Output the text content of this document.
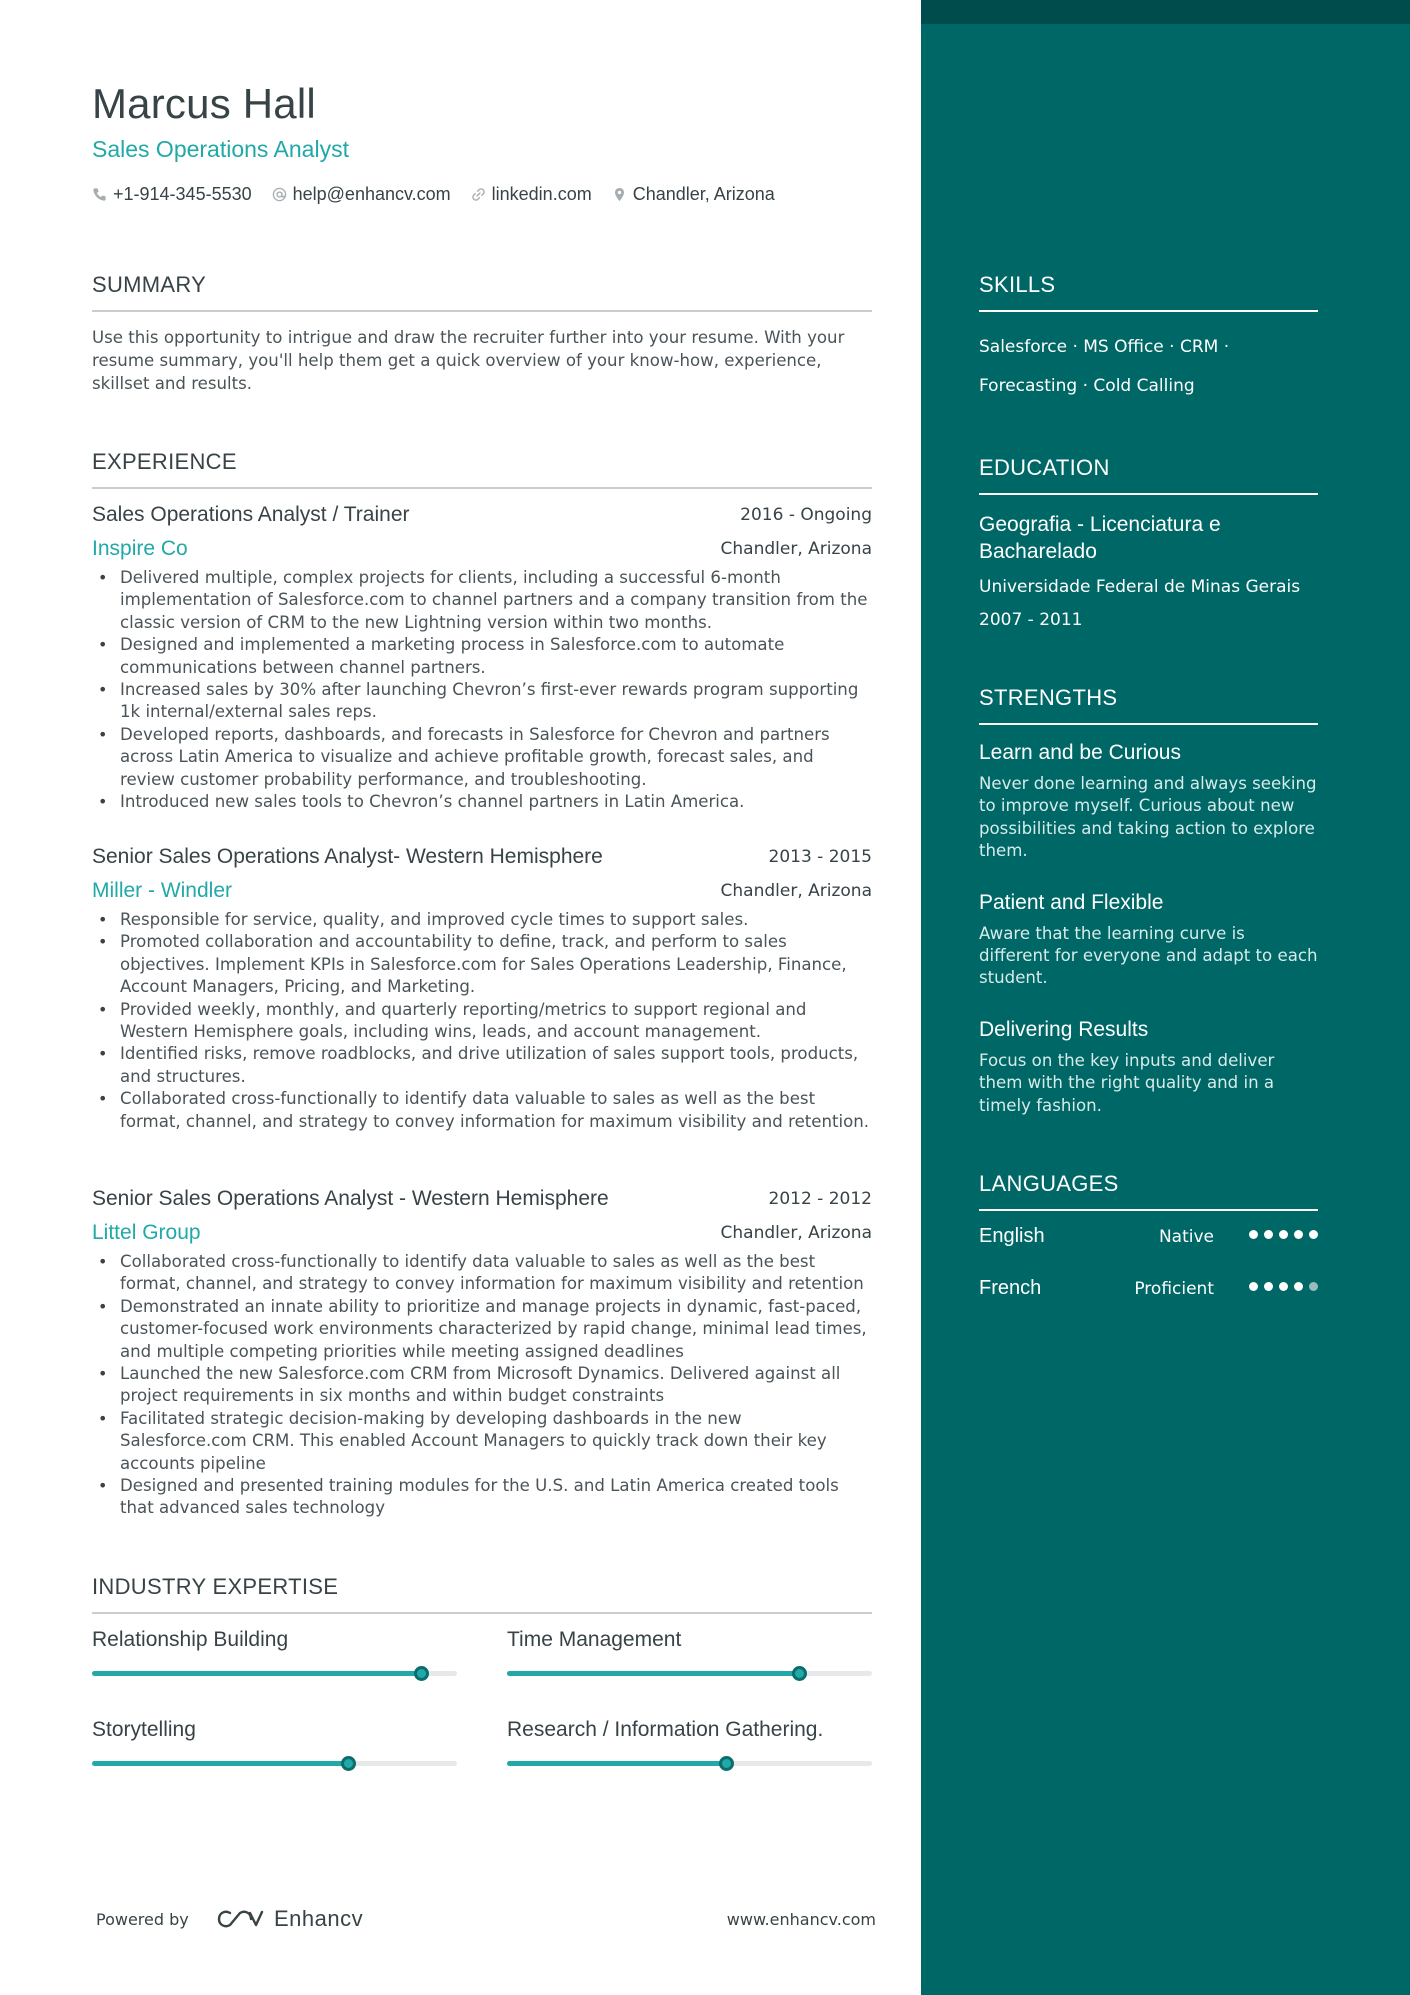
Marcus Hall
Sales Operations Analyst
+1-914-345-5530 help@enhancv.com linkedin.com Chandler, Arizona
SUMMARY
Use this opportunity to intrigue and draw the recruiter further into your resume. With your resume summary, you'll help them get a quick overview of your know-how, experience, skillset and results.
EXPERIENCE
Sales Operations Analyst / Trainer	2016 - Ongoing
Inspire Co	Chandler, Arizona
• Delivered multiple, complex projects for clients, including a successful 6-month implementation of Salesforce.com to channel partners and a company transition from the classic version of CRM to the new Lightning version within two months.
• Designed and implemented a marketing process in Salesforce.com to automate communications between channel partners.
• Increased sales by 30% after launching Chevron’s first-ever rewards program supporting 1k internal/external sales reps.
• Developed reports, dashboards, and forecasts in Salesforce for Chevron and partners across Latin America to visualize and achieve profitable growth, forecast sales, and review customer probability performance, and troubleshooting.
• Introduced new sales tools to Chevron’s channel partners in Latin America.
Senior Sales Operations Analyst- Western Hemisphere	2013 - 2015
Miller - Windler	Chandler, Arizona
• Responsible for service, quality, and improved cycle times to support sales.
• Promoted collaboration and accountability to define, track, and perform to sales objectives. Implement KPIs in Salesforce.com for Sales Operations Leadership, Finance, Account Managers, Pricing, and Marketing.
• Provided weekly, monthly, and quarterly reporting/metrics to support regional and Western Hemisphere goals, including wins, leads, and account management.
• Identified risks, remove roadblocks, and drive utilization of sales support tools, products, and structures.
• Collaborated cross-functionally to identify data valuable to sales as well as the best format, channel, and strategy to convey information for maximum visibility and retention.
Senior Sales Operations Analyst - Western Hemisphere	2012 - 2012
Littel Group	Chandler, Arizona
• Collaborated cross-functionally to identify data valuable to sales as well as the best format, channel, and strategy to convey information for maximum visibility and retention
• Demonstrated an innate ability to prioritize and manage projects in dynamic, fast-paced, customer-focused work environments characterized by rapid change, minimal lead times, and multiple competing priorities while meeting assigned deadlines
• Launched the new Salesforce.com CRM from Microsoft Dynamics. Delivered against all project requirements in six months and within budget constraints
• Facilitated strategic decision-making by developing dashboards in the new Salesforce.com CRM. This enabled Account Managers to quickly track down their key accounts pipeline
• Designed and presented training modules for the U.S. and Latin America created tools that advanced sales technology
INDUSTRY EXPERTISE
Relationship Building	Time Management
Storytelling	Research / Information Gathering.
Powered by	Enhancv	www.enhancv.com
SKILLS
Salesforce · MS Office · CRM ·
Forecasting · Cold Calling
EDUCATION
Geografia - Licenciatura e Bacharelado
Universidade Federal de Minas Gerais
2007 - 2011
STRENGTHS
Learn and be Curious
Never done learning and always seeking to improve myself. Curious about new possibilities and taking action to explore them.
Patient and Flexible
Aware that the learning curve is different for everyone and adapt to each student.
Delivering Results
Focus on the key inputs and deliver them with the right quality and in a timely fashion.
LANGUAGES
English	Native
French	Proficient
